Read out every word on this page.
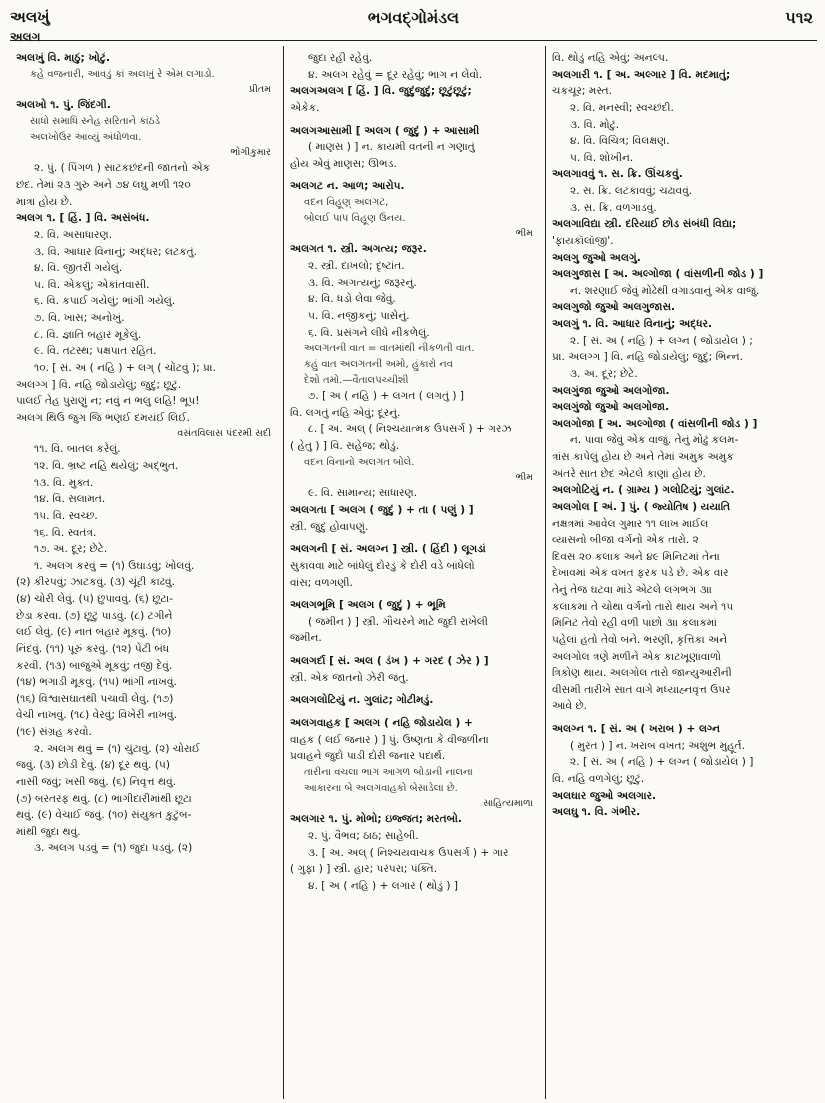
અલખું	ભગવદ્ગોમંડલ	૫૧૨
અલગ
અલખું વિ. માઠું; ખોટું.
કહે વજનારી, આવડું કાં અલખું રે એમ લગાડો.
પ્રીતમ
અલખો ૧. પું. જિંદગી.
સાધો સમાધિ સ્નેહ સરિતાને કાંઠડે
અલખોઉર આવ્યું અંધોળવા.
ભોગીકુમાર
૨. પું. ( પિંગળ ) સાટકછંદની જાતનો એક
છંદ. તેમાં ૨૩ ગુરુ અને ૭૪ લઘુ મળી ૧૨૦
માત્રા હોય છે.
અલગ ૧. [ હિં. ] વિ. અસંબંધ.
૨. વિ. અસાધારણ.
૩. વિ. આધાર વિનાનું; અદ્ધર; લટકતું.
૪. વિ. જીતરી ગયેલું.
૫. વિ. એકલું; એકાંતવાસી.
૬. વિ. કપાઈ ગયેલું; ભાંગી ગયેલું.
૭. વિ. ખાસ; અનોખું.
૮. વિ. જ્ઞાતિ બહાર મૂકેલું.
૯. વિ. તટસ્થ; પક્ષપાત રહિત.
૧૦. [ સં. અ ( નહિ ) + લગ્ ( ચોંટવું ); પ્રા.
અલગ્ગ ] વિ. નહિ જોડાયેલું; જુદું; છૂટું.
પાલઈ તેહ પુરાણું ન; નવું ન ભલુ લહિ! ભૂપ!
અલગ થિઉ જુગ જિ ભણઈ દમયંઈ લિઈ.
વસંતવિલાસ પંદરમી સદી
૧૧. વિ. બાતલ કરેલું.
૧૨. વિ. ભ્રષ્ટ નહિ થયેલું; અદ્ભુત.
૧૩. વિ. મુક્ત.
૧૪. વિ. સલામત.
૧૫. વિ. સ્વચ્છ.
૧૬. વિ. સ્વતંત્ર.
૧૭. અ. દૂર; છેટે.
૧. અલગ કરવું = (૧) ઉઘાડવું; ખોલવું.
(૨) કીરપવું; ઝાટકવું. (૩) ચૂંટી કાઢવું.
(૪) ચોરી લેવું. (૫) છુપાવવું. (૬) છૂટા-
છેડા કરવા. (૭) છૂટું પાડવું. (૮) ટગીને
લઈ લેવું. (૯) નાત બહાર મૂકવું. (૧૦)
નિંદવું. (૧૧) પૂરું કરવું. (૧૨) પેટી બંધ
કરવી. (૧૩) બાજુએ મૂકવું; તજી દેવું.
(૧૪) ભગાડી મૂકવું. (૧૫) ભાંગી નાખવું.
(૧૬) વિશ્વાસઘાતથી પચાવી લેવું. (૧૭)
વેચી નાખવું. (૧૮) વેરવું; વિખેરી નાખવું.
(૧૯) સંગ્રહ કરવો.
૨. અલગ થવું = (૧) ચુંટાવું. (૨) ચોરાઈ
જવું. (૩) છોડી દેવું. (૪) દૂર થવું. (૫)
નાસી જવું; ખસી જવું. (૬) નિવૃત્ત થવું.
(૭) બરતરફ થવું. (૮) ભાગીદારીમાંથી છૂટા
થવું. (૯) વેચાઈ જવું. (૧૦) સંયુક્ત કુટુંબ-
માંથી જુદા થવું.
૩. અલગ પડવું = (૧) જુદા પડવું. (૨)
જુદા રહી રહેવું.
૪. અલગ રહેવું = દૂર રહેવું; ભાગ ન લેવો.
અલગઅલગ [ હિં. ] વિ. જુદુંજુદું; છૂટુંછૂટું;
એકેક.
અલગઆસામી [ અલગ ( જુદું ) + આસામી
( માણસ ) ] ન. કાયમી વતની ન ગણાતું
હોય એવું માણસ; ઊભડ.
અલગટ ન. આળ; આરોપ.
વદન વિહૂણ્ અલગટ,
બોલઈ પાપ વિહૂણ ઉનય.
ભીમ
અલગત ૧. સ્ત્રી. અગત્ય; જરૂર.
૨. સ્ત્રી. દાખલો; દૃષ્ટાંત.
૩. વિ. અગત્યનું; જરૂરનું.
૪. વિ. ધડો લેવા જેવું.
૫. વિ. નજીકનું; પાસેનું.
૬. વિ. પ્રસંગને લીધે નીકળેલું.
અલગતની વાત = વાતમાંથી નીકળતી વાત.
કહું વાત અલગતની અમો, હુંકારો નવ
દેશો તમો.—વૈતાલપચ્ચીશી
૭. [ અ ( નહિ ) + લગત ( લગતું ) ]
વિ. લગતું નહિ એવું; દૂરનું.
૮. [ અ. અલ્ ( નિશ્ચયાત્મક ઉપસર્ગ ) + ગરઝ
( હેતુ ) ] વિ. સહેજ; થોડું.
વદન વિનાનો અલગત બોલે.
ભીમ
૯. વિ. સામાન્ય; સાધારણ.
અલગતા [ અલગ ( જુદું ) + તા ( પણું ) ]
સ્ત્રી. જુદું હોવાપણું.
અલગની [ સં. અલગ્ન ] સ્ત્રી. ( હિંદી ) લૂગડાં
સુકાવવા માટે બાંધેલું દોરડું કે દોરી વડે બાંધેલો
વાંસ; વળગણી.
અલગભૂમિ [ અલગ ( જુદું ) + ભૂમિ
( જમીન ) ] સ્ત્રી. ગૌચરને માટે જુદી રાખેલી
જમીન.
અલગર્દા [ સં. અલ ( ડંખ ) + ગરદ ( ઝેર ) ]
સ્ત્રી. એક જાતનો ઝેરી જંતુ.
અલગલોટિયું ન. ગુલાંટ; ગોટીમડું.
અલગવાહક [ અલગ ( નહિ જોડાયેલ ) +
વાહક ( લઈ જનાર ) ] પું. ઉષ્ણતા કે વીજળીના
પ્રવાહને જુદો પાડી દોરી જનાર પદાર્થ.
તારીના વચલા ભાગ આગળ બોડાની નાલના
આકારના બે અલગવાહકો બેસાડેલા છે.
સાહિત્યમાળા
અલગાર ૧. પું. મોભો; ઇજ્જત; મરતબો.
૨. પું. વૈભવ; ઠાઠ; સાહેબી.
૩. [ અ. અલ્ ( નિશ્ચયવાચક ઉપસર્ગ ) + ગાર
( ગુફા ) ] સ્ત્રી. હાર; પરંપરા; પંક્તિ.
૪. [ અ ( નહિ ) + લગાર ( થોડું ) ]
વિ. થોડું નહિ એવું; અનલ્પ.
અલગારી ૧. [ અ. અલ્ગાર ] વિ. મદમાતું;
ચકચૂર; મસ્ત.
૨. વિ. મનસ્વી; સ્વચ્છંદી.
૩. વિ. મોટું.
૪. વિ. વિચિત્ર; વિલક્ષણ.
૫. વિ. શોખીન.
અલગાવવું ૧. સ. ક્રિ. ઊંચકવું.
૨. સ. ક્રિ. લટકાવવું; ચઢાવવું.
૩. સ. ક્રિ. વળગાડવું.
અલગાવિદ્યા સ્ત્રી. દરિયાઈ છોડ સંબંધી વિદ્યા;
'ફાયકૉલૉજી'.
અલગુ જુઓ અલગું.
અલગુજાસ [ અ. અલ્ગોજા ( વાંસળીની જોડ ) ]
ન. શરણાઈ જેવું મોઢેથી વગાડવાનું એક વાજું.
અલગુજો જુઓ અલગુજાસ.
અલગું ૧. વિ. આધાર વિનાનું; અદ્ધર.
૨. [ સં. અ ( નહિ ) + લગ્ન ( જોડાયેલ ) ;
પ્રા. અલગ્ગ ] વિ. નહિ જોડાયેલું; જુદું; ભિન્ન.
૩. અ. દૂર; છેટે.
અલગુંજા જુઓ અલગોજા.
અલગુંજો જુઓ અલગોજા.
અલગોજા [ અ. અલ્ગોજા ( વાંસળીની જોડ ) ]
ન. પાવા જેવું એક વાજું. તેનું મોઢું કલમ-
ત્રાંસ કાપેલું હોય છે અને તેમાં અમુક અમુક
અંતરે સાત છેદ એટલે કાણાં હોય છે.
અલગોટિયું ન. ( ગ્રામ્ય ) ગલોટિયું; ગુલાંટ.
અલગોલ [ અં. ] પું. ( જ્યોતિષ ) યયાતિ
નક્ષત્રમાં આવેલ ગુમાર ૧૧ લાખ માઈલ
વ્યાસનો બીજા વર્ગનો એક તારો. ૨
દિવસ ૨૦ કલાક અને ૪૯ મિનિટમાં તેના
દેખાવમાં એક વખત ફરક પડે છે. એક વાર
તેનું તેજ ઘટવા માંડે એટલે લગભગ ૩ાા
કલાકમાં તે ચોથા વર્ગનો તારો થાય અને ૧૫
મિનિટ તેવો રહી વળી પાછો ૩ાા કલાકમાં
પહેલાં હતો તેવો બને. ભરણી, કૃત્તિકા અને
અલગોલ ત્રણે મળીને એક કાટખૂણાવાળો
ત્રિકોણ થાય. અલગોલ તારો જાન્યુઆરીની
વીસમી તારીખે સાત વાગે મધ્યાહ્નવૃત્ત ઉપર
આવે છે.
અલગ્ન ૧. [ સં. અ ( ખરાબ ) + લગ્ન
( મુરત ) ] ન. ખરાબ વખત; અશુભ મુહૂર્ત.
૨. [ સં. અ ( નહિ ) + લગ્ન ( જોડાયેલ ) ]
વિ. નહિ વળગેલું; છૂટું.
અલઘાર જુઓ અલગાર.
અલઘુ ૧. વિ. ગંભીર.
